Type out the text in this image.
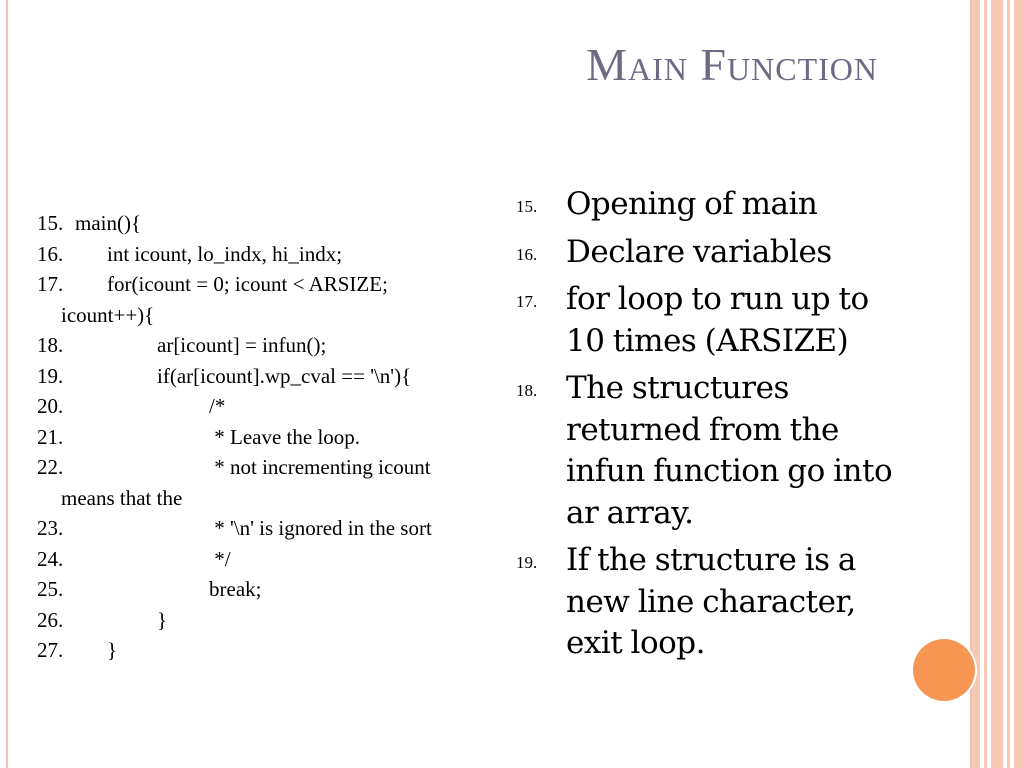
Main Function
15. main(){
16. int icount, lo_indx, hi_indx;
17. for(icount = 0; icount < ARSIZE;
icount++){
18.	ar[icount] = infun();
19.	if(ar[icount].wp_cval == '\n'){
20.	/*
21.	* Leave the loop.
22.	* not incrementing icount
means that the
23.	* '\n' is ignored in the sort
24.	*/
25.	break;
26.	}
27. }
15. Opening of main
16. Declare variables
17. for loop to run up to 10 times (ARSIZE)
18. The structures returned from the infun function go into ar array.
19. If the structure is a new line character, exit loop.
